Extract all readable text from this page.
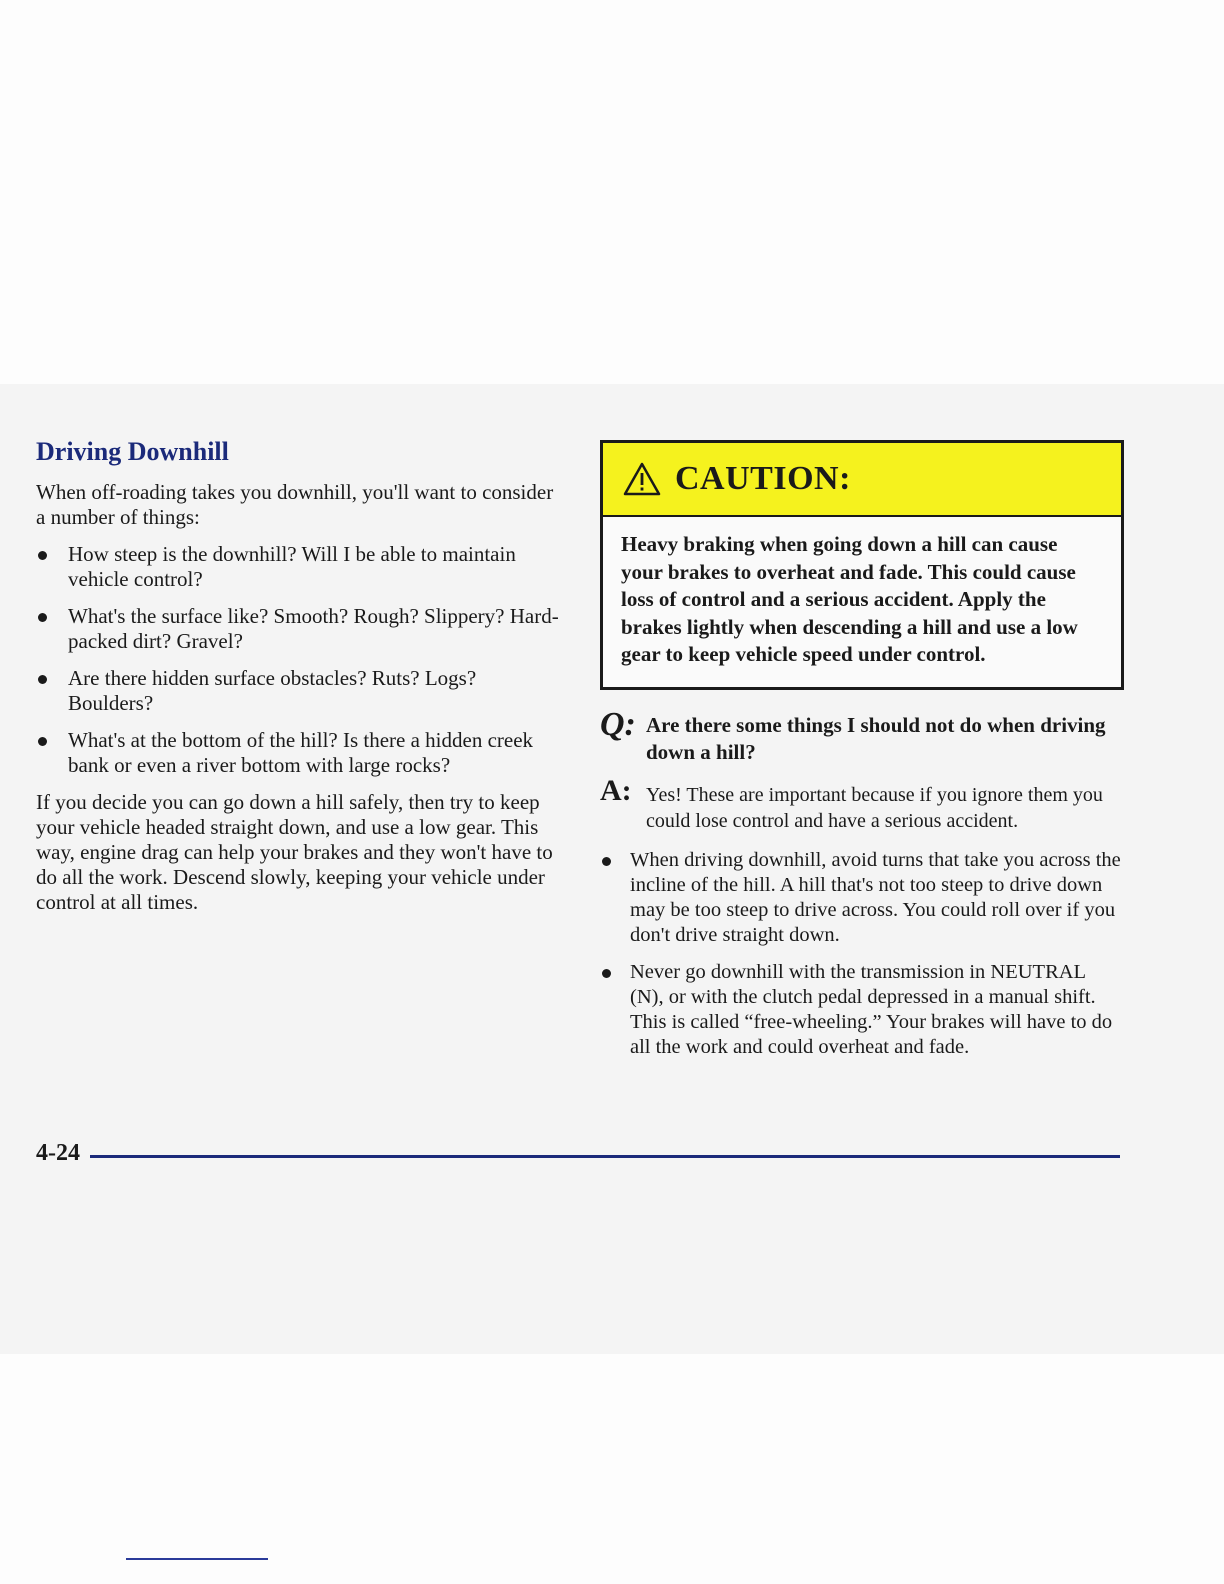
Driving Downhill

When off-roading takes you downhill, you'll want to consider a number of things:

How steep is the downhill? Will I be able to maintain vehicle control?
What's the surface like? Smooth? Rough? Slippery? Hard-packed dirt? Gravel?
Are there hidden surface obstacles? Ruts? Logs? Boulders?
What's at the bottom of the hill? Is there a hidden creek bank or even a river bottom with large rocks?

If you decide you can go down a hill safely, then try to keep your vehicle headed straight down, and use a low gear. This way, engine drag can help your brakes and they won't have to do all the work. Descend slowly, keeping your vehicle under control at all times.

CAUTION:
Heavy braking when going down a hill can cause your brakes to overheat and fade. This could cause loss of control and a serious accident. Apply the brakes lightly when descending a hill and use a low gear to keep vehicle speed under control.
Q: Are there some things I should not do when driving down a hill?
A: Yes! These are important because if you ignore them you could lose control and have a serious accident.
When driving downhill, avoid turns that take you across the incline of the hill. A hill that's not too steep to drive down may be too steep to drive across. You could roll over if you don't drive straight down.
Never go downhill with the transmission in NEUTRAL (N), or with the clutch pedal depressed in a manual shift. This is called “free-wheeling.” Your brakes will have to do all the work and could overheat and fade.
4-24
